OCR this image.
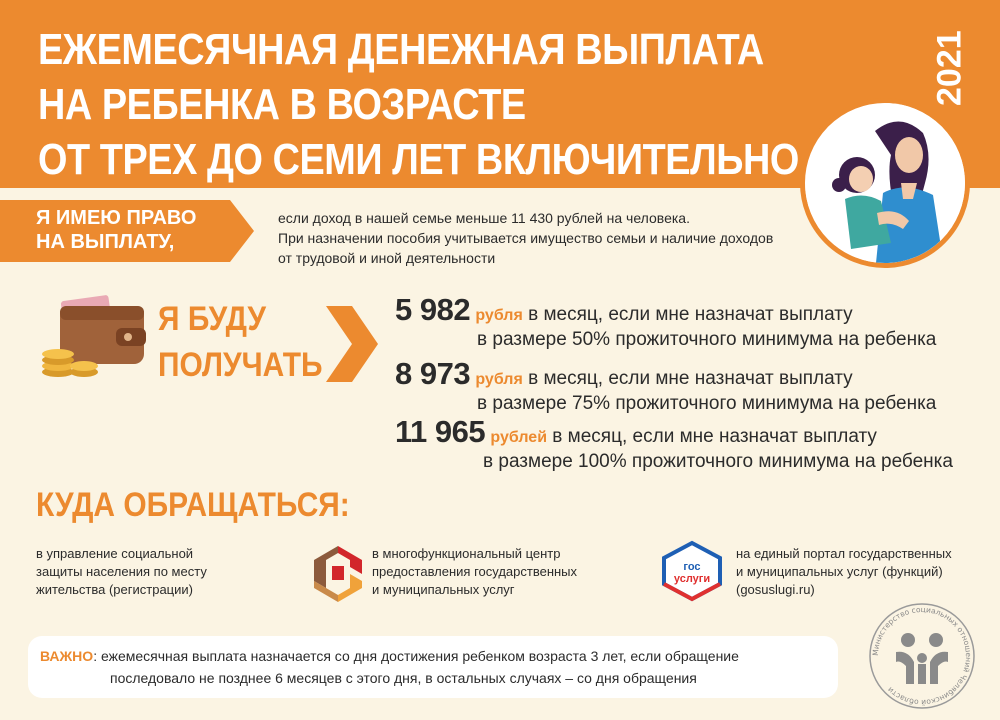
ЕЖЕМЕСЯЧНАЯ ДЕНЕЖНАЯ ВЫПЛАТА
НА РЕБЕНКА В ВОЗРАСТЕ
ОТ ТРЕХ ДО СЕМИ ЛЕТ ВКЛЮЧИТЕЛЬНО
2021
Я ИМЕЮ ПРАВО
НА ВЫПЛАТУ,
если доход в нашей семье меньше 11 430 рублей на человека.
При назначении пособия учитывается имущество семьи и наличие доходов
от трудовой и иной деятельности
Я БУДУ
ПОЛУЧАТЬ
5 982 рубля в месяц, если мне назначат выплату
в размере 50% прожиточного минимума на ребенка
8 973 рубля в месяц, если мне назначат выплату
в размере 75% прожиточного минимума на ребенка
11 965 рублей в месяц, если мне назначат выплату
в размере 100% прожиточного минимума на ребенка
КУДА ОБРАЩАТЬСЯ:
в управление социальной
защиты населения по месту
жительства (регистрации)
в многофункциональный центр
предоставления государственных
и муниципальных услуг
гос
услуги
на единый портал государственных
и муниципальных услуг (функций)
(gosuslugi.ru)
ВАЖНО: ежемесячная выплата назначается со дня достижения ребенком возраста 3 лет, если обращение
последовало не позднее 6 месяцев с этого дня, в остальных случаях – со дня обращения
Министерство социальных отношений Челябинской области
